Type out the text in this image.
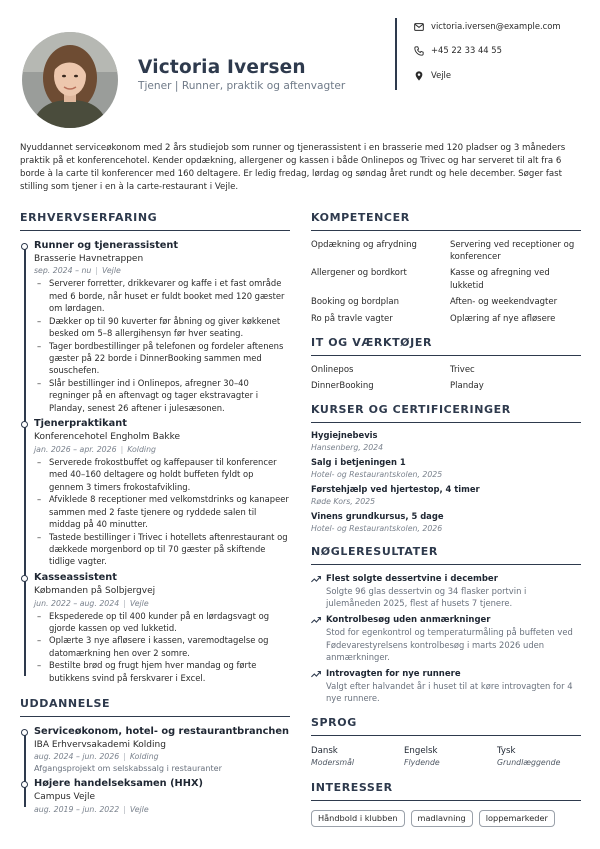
Victoria Iversen
Tjener | Runner, praktik og aftenvagter
victoria.iversen@example.com
+45 22 33 44 55
Vejle
Nyuddannet serviceøkonom med 2 års studiejob som runner og tjenerassistent i en brasserie med 120 pladser og 3 måneders praktik på et konferencehotel. Kender opdækning, allergener og kassen i både Onlinepos og Trivec og har serveret til alt fra 6 borde à la carte til konferencer med 160 deltagere. Er ledig fredag, lørdag og søndag året rundt og hele december. Søger fast stilling som tjener i en à la carte-restaurant i Vejle.
ERHVERVSERFARING
Runner og tjenerassistent
Brasserie Havnetrappen
sep. 2024 – nu | Vejle
– Serverer forretter, drikkevarer og kaffe i et fast område med 6 borde, når huset er fuldt booket med 120 gæster om lørdagen.
– Dækker op til 90 kuverter før åbning og giver køkkenet besked om 5–8 allergihensyn før hver seating.
– Tager bordbestillinger på telefonen og fordeler aftenens gæster på 22 borde i DinnerBooking sammen med souschefen.
– Slår bestillinger ind i Onlinepos, afregner 30–40 regninger på en aftenvagt og tager ekstravagter i Planday, senest 26 aftener i julesæsonen.
Tjenerpraktikant
Konferencehotel Engholm Bakke
jan. 2026 – apr. 2026 | Kolding
– Serverede frokostbuffet og kaffepauser til konferencer med 40–160 deltagere og holdt buffeten fyldt op gennem 3 timers frokostafvikling.
– Afviklede 8 receptioner med velkomstdrinks og kanapeer sammen med 2 faste tjenere og ryddede salen til middag på 40 minutter.
– Tastede bestillinger i Trivec i hotellets aftenrestaurant og dækkede morgenbord op til 70 gæster på skiftende tidlige vagter.
Kasseassistent
Købmanden på Solbjergvej
jun. 2022 – aug. 2024 | Vejle
– Ekspederede op til 400 kunder på en lørdagsvagt og gjorde kassen op ved lukketid.
– Oplærte 3 nye afløsere i kassen, varemodtagelse og datomærkning hen over 2 somre.
– Bestilte brød og frugt hjem hver mandag og førte butikkens svind på ferskvarer i Excel.
UDDANNELSE
Serviceøkonom, hotel- og restaurantbranchen
IBA Erhvervsakademi Kolding
aug. 2024 – jun. 2026 | Kolding
Afgangsprojekt om selskabssalg i restauranter
Højere handelseksamen (HHX)
Campus Vejle
aug. 2019 – jun. 2022 | Vejle
KOMPETENCER
Opdækning og afrydning	Servering ved receptioner og konferencer
Allergener og bordkort	Kasse og afregning ved lukketid
Booking og bordplan	Aften- og weekendvagter
Ro på travle vagter	Oplæring af nye afløsere
IT OG VÆRKTØJER
Onlinepos	Trivec
DinnerBooking	Planday
KURSER OG CERTIFICERINGER
Hygiejnebevis
Hansenberg, 2024
Salg i betjeningen 1
Hotel- og Restaurantskolen, 2025
Førstehjælp ved hjertestop, 4 timer
Røde Kors, 2025
Vinens grundkursus, 5 dage
Hotel- og Restaurantskolen, 2026
NØGLERESULTATER
Flest solgte dessertvine i december
Solgte 96 glas dessertvin og 34 flasker portvin i julemåneden 2025, flest af husets 7 tjenere.
Kontrolbesøg uden anmærkninger
Stod for egenkontrol og temperaturmåling på buffeten ved Fødevarestyrelsens kontrolbesøg i marts 2026 uden anmærkninger.
Introvagten for nye runnere
Valgt efter halvandet år i huset til at køre introvagten for 4 nye runnere.
SPROG
Dansk
Modersmål
Engelsk
Flydende
Tysk
Grundlæggende
INTERESSER
Håndbold i klubben	madlavning	loppemarkeder
